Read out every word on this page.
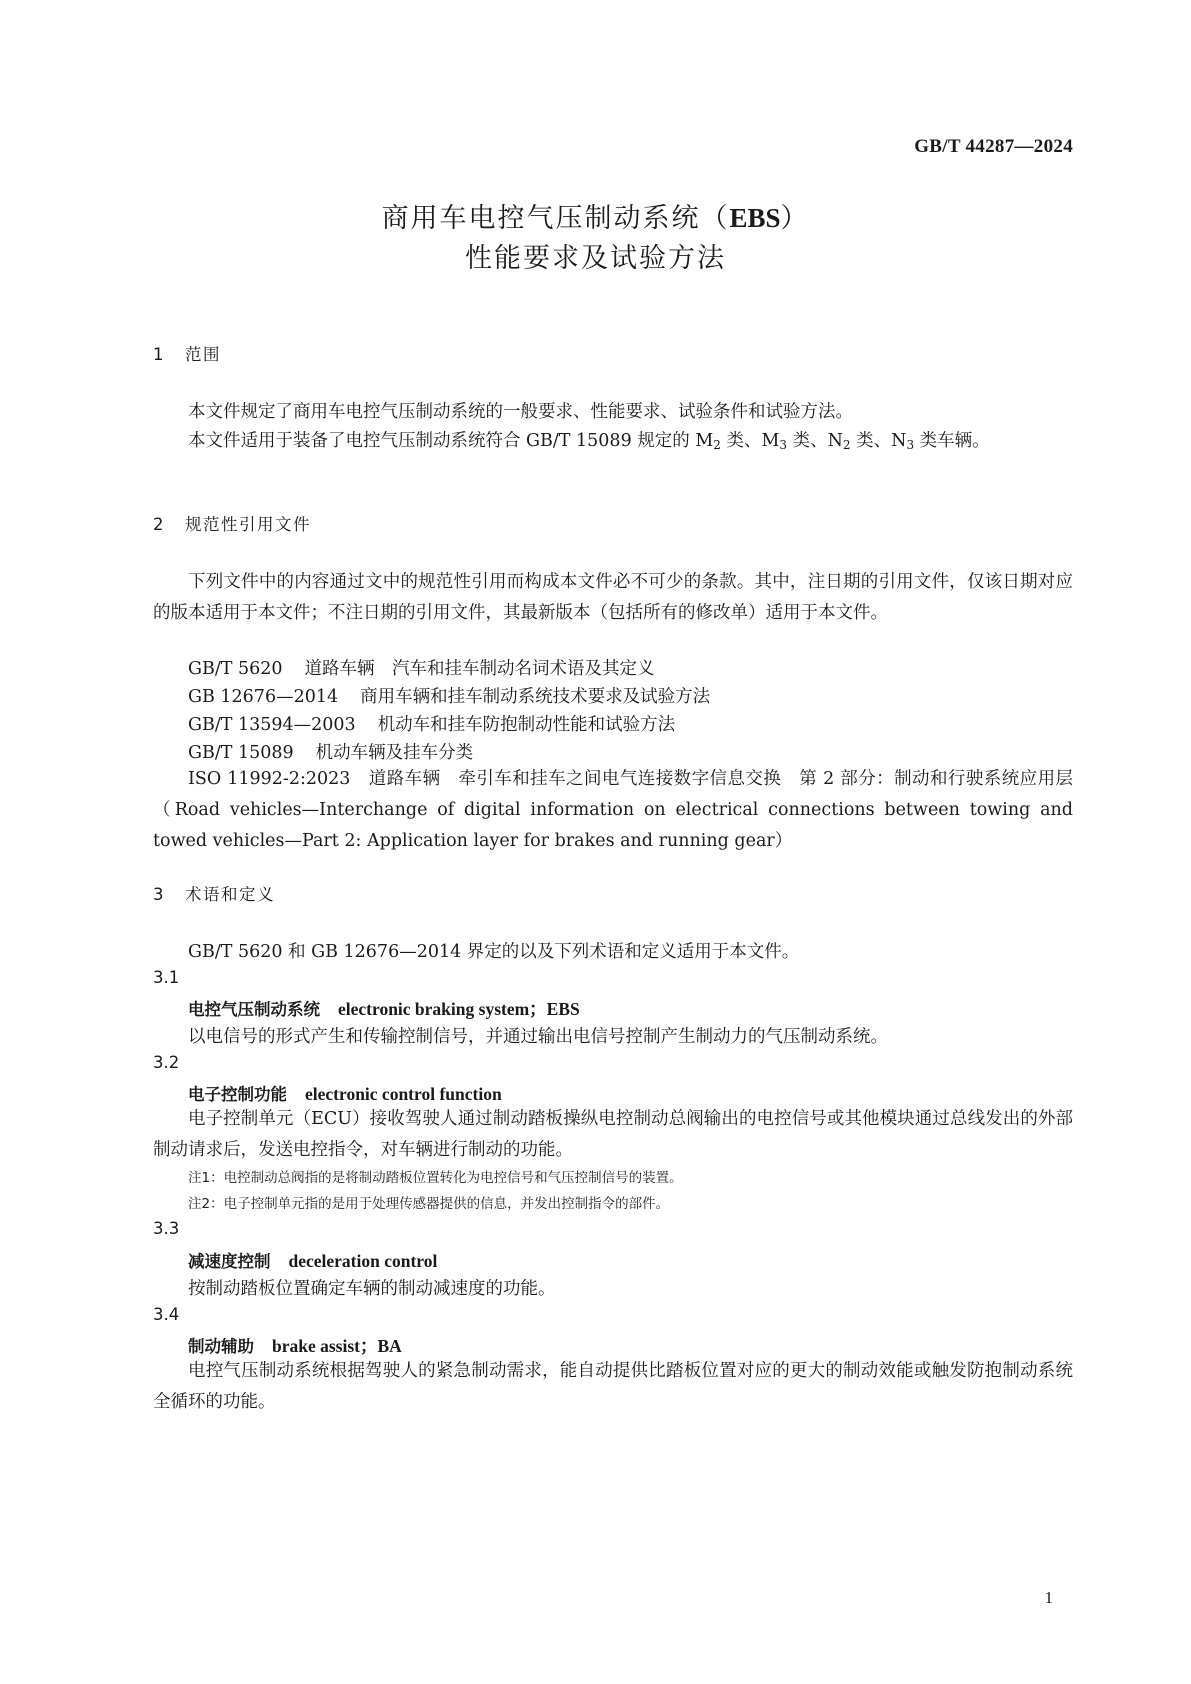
GB/T 44287—2024
商用车电控气压制动系统（EBS）
性能要求及试验方法
1 范围
本文件规定了商用车电控气压制动系统的一般要求、性能要求、试验条件和试验方法。
本文件适用于装备了电控气压制动系统符合 GB/T 15089 规定的 $M_2$ 类、$M_3$ 类、$N_2$ 类、$N_3$ 类车辆。
2 规范性引用文件
下列文件中的内容通过文中的规范性引用而构成本文件必不可少的条款。其中，注日期的引用文件，仅该日期对应的版本适用于本文件；不注日期的引用文件，其最新版本（包括所有的修改单）适用于本文件。
GB/T 5620 道路车辆　汽车和挂车制动名词术语及其定义
GB 12676—2014 商用车辆和挂车制动系统技术要求及试验方法
GB/T 13594—2003 机动车和挂车防抱制动性能和试验方法
GB/T 15089 机动车辆及挂车分类
ISO 11992-2:2023　道路车辆　牵引车和挂车之间电气连接数字信息交换　第 2 部分：制动和行驶系统应用层（Road vehicles—Interchange of digital information on electrical connections between towing and towed vehicles—Part 2: Application layer for brakes and running gear）
3 术语和定义
GB/T 5620 和 GB 12676—2014 界定的以及下列术语和定义适用于本文件。
3.1
电控气压制动系统 electronic braking system；EBS
以电信号的形式产生和传输控制信号，并通过输出电信号控制产生制动力的气压制动系统。
3.2
电子控制功能 electronic control function
电子控制单元（ECU）接收驾驶人通过制动踏板操纵电控制动总阀输出的电控信号或其他模块通过总线发出的外部制动请求后，发送电控指令，对车辆进行制动的功能。
注1：电控制动总阀指的是将制动踏板位置转化为电控信号和气压控制信号的装置。
注2：电子控制单元指的是用于处理传感器提供的信息，并发出控制指令的部件。
3.3
减速度控制 deceleration control
按制动踏板位置确定车辆的制动减速度的功能。
3.4
制动辅助 brake assist；BA
电控气压制动系统根据驾驶人的紧急制动需求，能自动提供比踏板位置对应的更大的制动效能或触发防抱制动系统全循环的功能。
1
